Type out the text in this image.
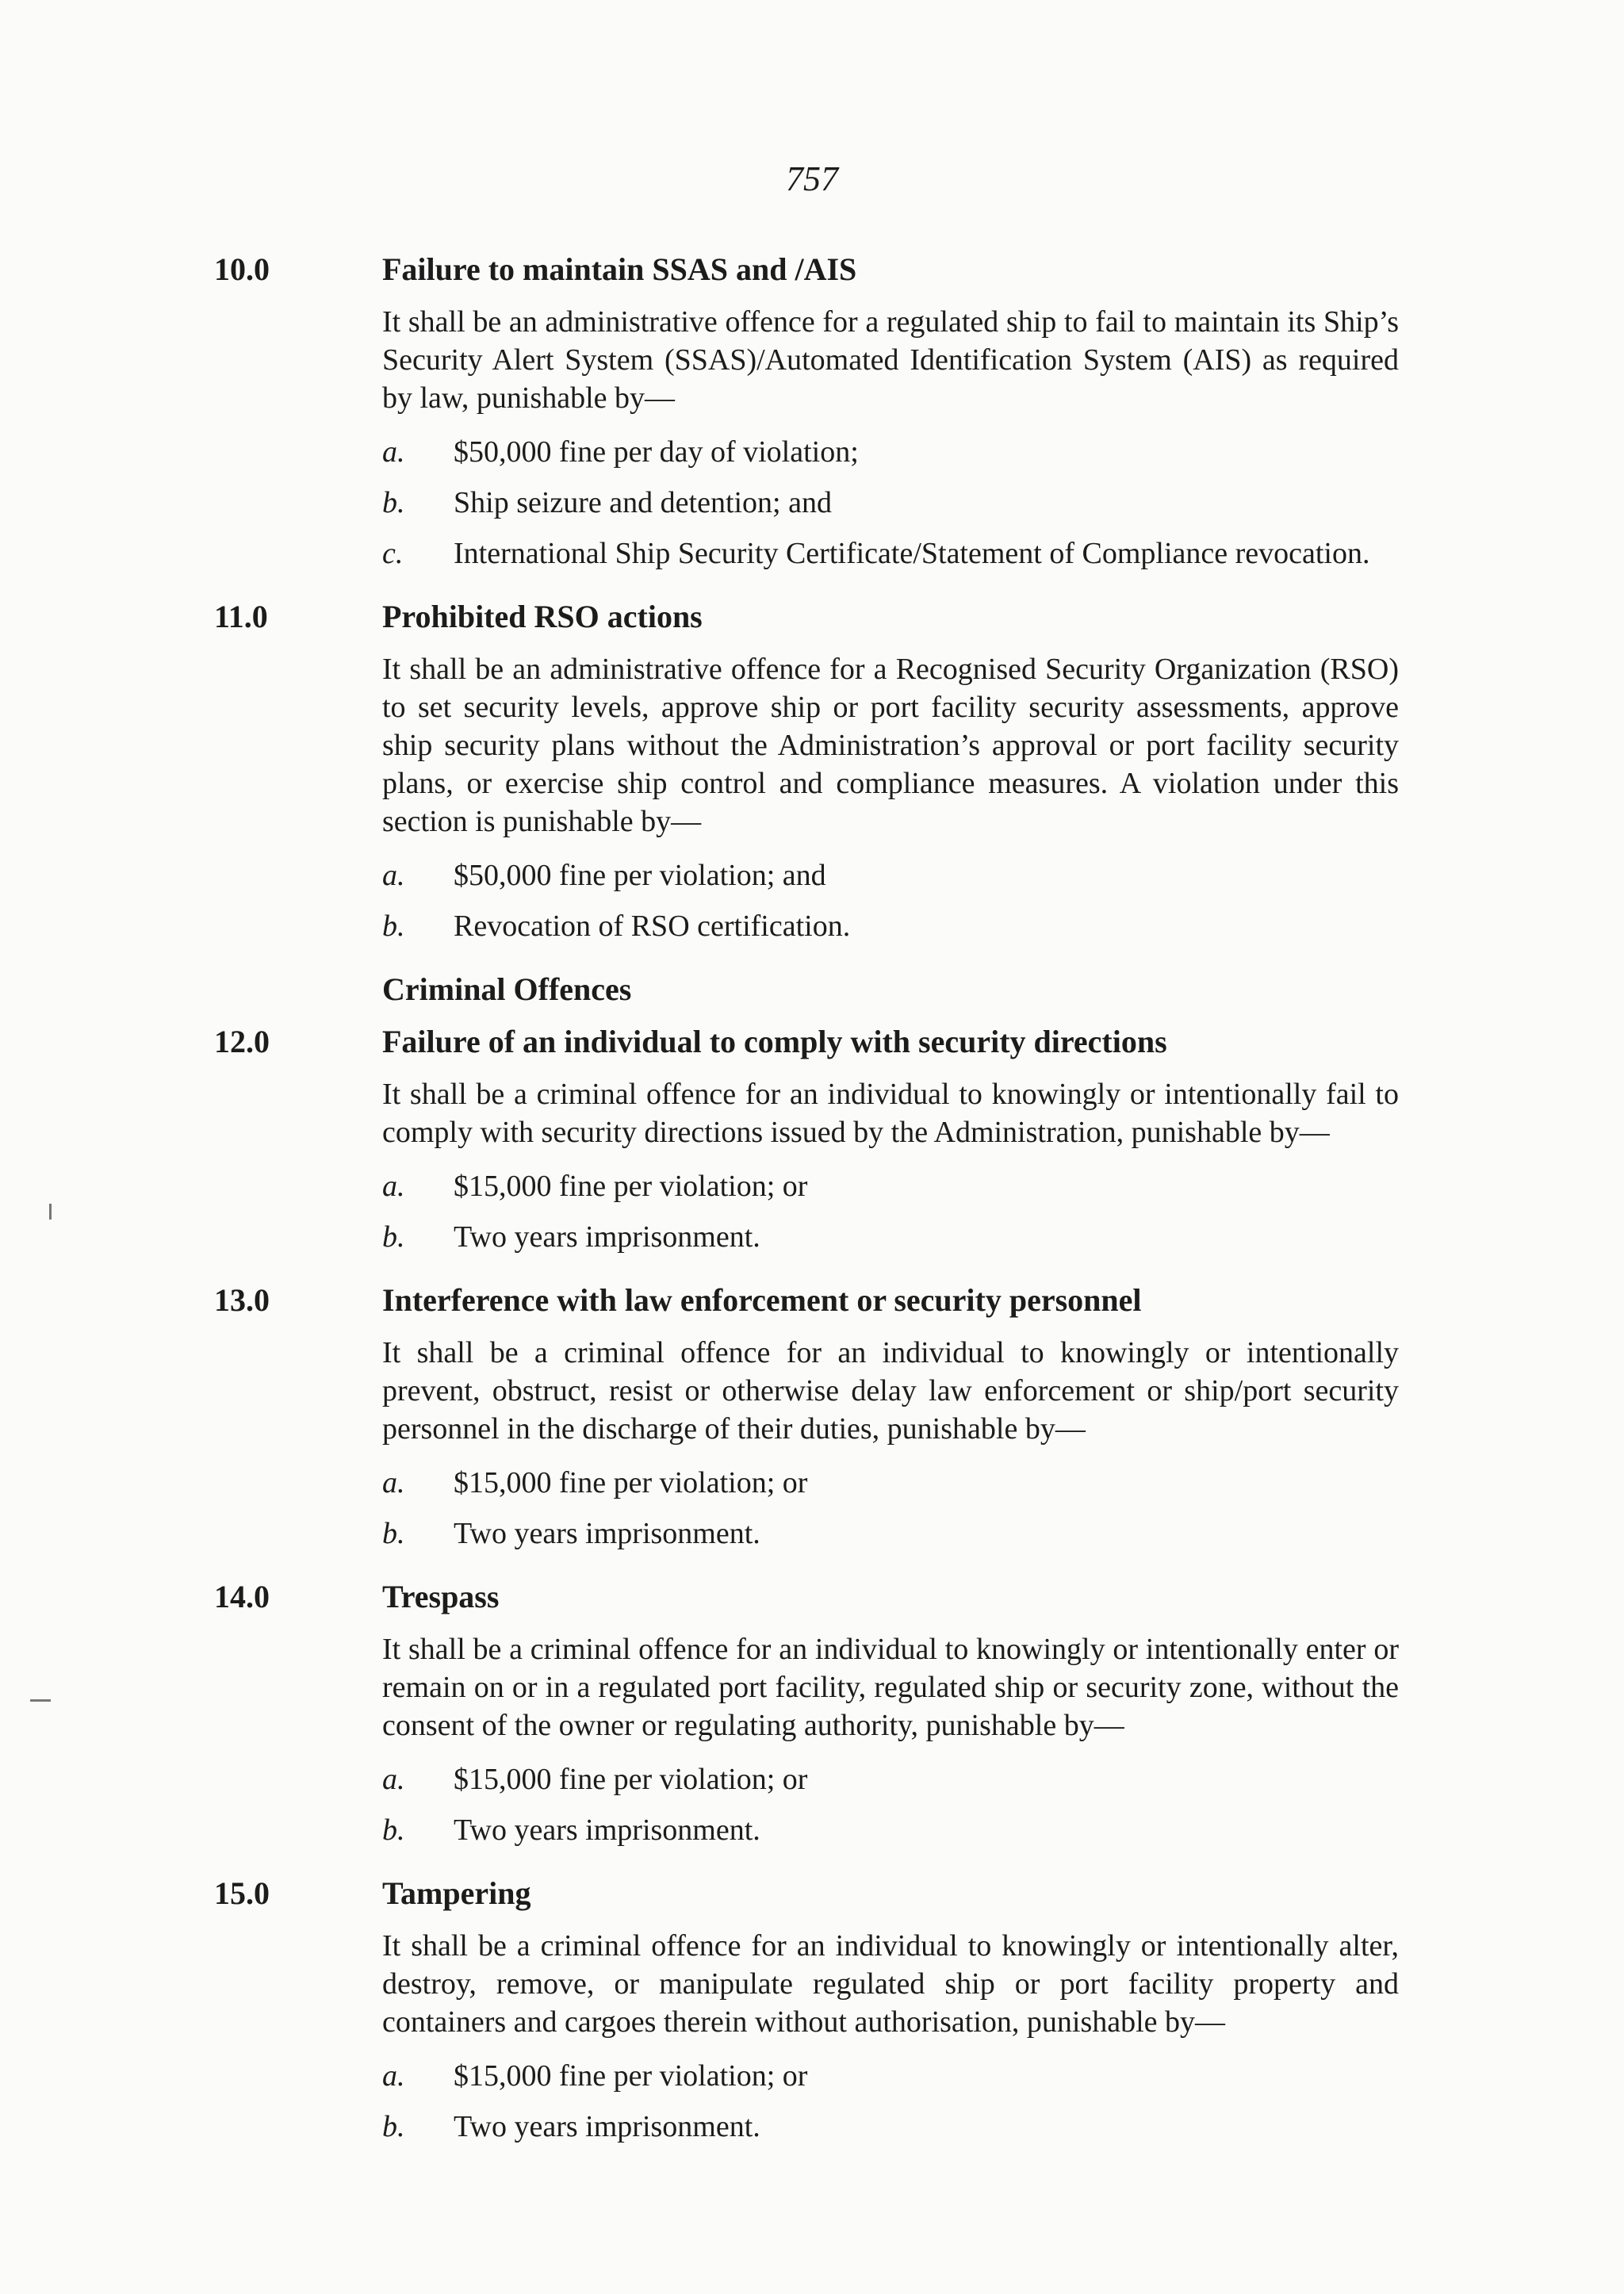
757
10.0	Failure to maintain SSAS and /AIS

It shall be an administrative offence for a regulated ship to fail to maintain its Ship’s Security Alert System (SSAS)/Automated Identification System (AIS) as required by law, punishable by—

a.	$50,000 fine per day of violation;
b.	Ship seizure and detention; and
c.	International Ship Security Certificate/Statement of Compliance revocation.
11.0	Prohibited RSO actions

It shall be an administrative offence for a Recognised Security Organization (RSO) to set security levels, approve ship or port facility security assessments, approve ship security plans without the Administration’s approval or port facility security plans, or exercise ship control and compliance measures. A violation under this section is punishable by—

a.	$50,000 fine per violation; and
b.	Revocation of RSO certification.
Criminal Offences
12.0	Failure of an individual to comply with security directions

It shall be a criminal offence for an individual to knowingly or intentionally fail to comply with security directions issued by the Administration, punishable by—

a.	$15,000 fine per violation; or
b.	Two years imprisonment.
13.0	Interference with law enforcement or security personnel

It shall be a criminal offence for an individual to knowingly or intentionally prevent, obstruct, resist or otherwise delay law enforcement or ship/port security personnel in the discharge of their duties, punishable by—

a.	$15,000 fine per violation; or
b.	Two years imprisonment.
14.0	Trespass

It shall be a criminal offence for an individual to knowingly or intentionally enter or remain on or in a regulated port facility, regulated ship or security zone, without the consent of the owner or regulating authority, punishable by—

a.	$15,000 fine per violation; or
b.	Two years imprisonment.
15.0	Tampering

It shall be a criminal offence for an individual to knowingly or intentionally alter, destroy, remove, or manipulate regulated ship or port facility property and containers and cargoes therein without authorisation, punishable by—

a.	$15,000 fine per violation; or
b.	Two years imprisonment.
